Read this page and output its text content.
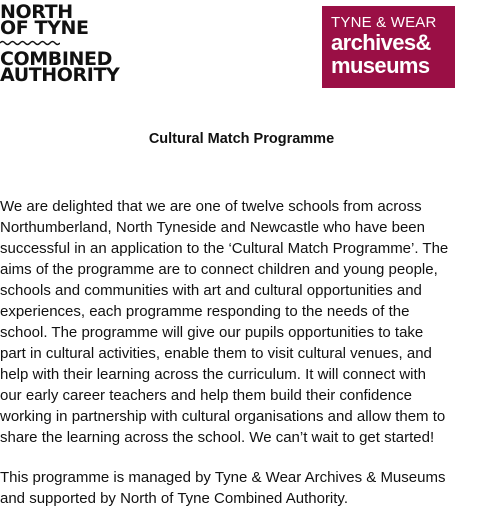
NORTH
OF TYNE
COMBINED
AUTHORITY
TYNE & WEAR
archives&
museums
Cultural Match Programme
We are delighted that we are one of twelve schools from across
Northumberland, North Tyneside and Newcastle who have been
successful in an application to the ‘Cultural Match Programme’. The
aims of the programme are to connect children and young people,
schools and communities with art and cultural opportunities and
experiences, each programme responding to the needs of the
school. The programme will give our pupils opportunities to take
part in cultural activities, enable them to visit cultural venues, and
help with their learning across the curriculum. It will connect with
our early career teachers and help them build their confidence
working in partnership with cultural organisations and allow them to
share the learning across the school. We can’t wait to get started!
This programme is managed by Tyne & Wear Archives & Museums
and supported by North of Tyne Combined Authority.
